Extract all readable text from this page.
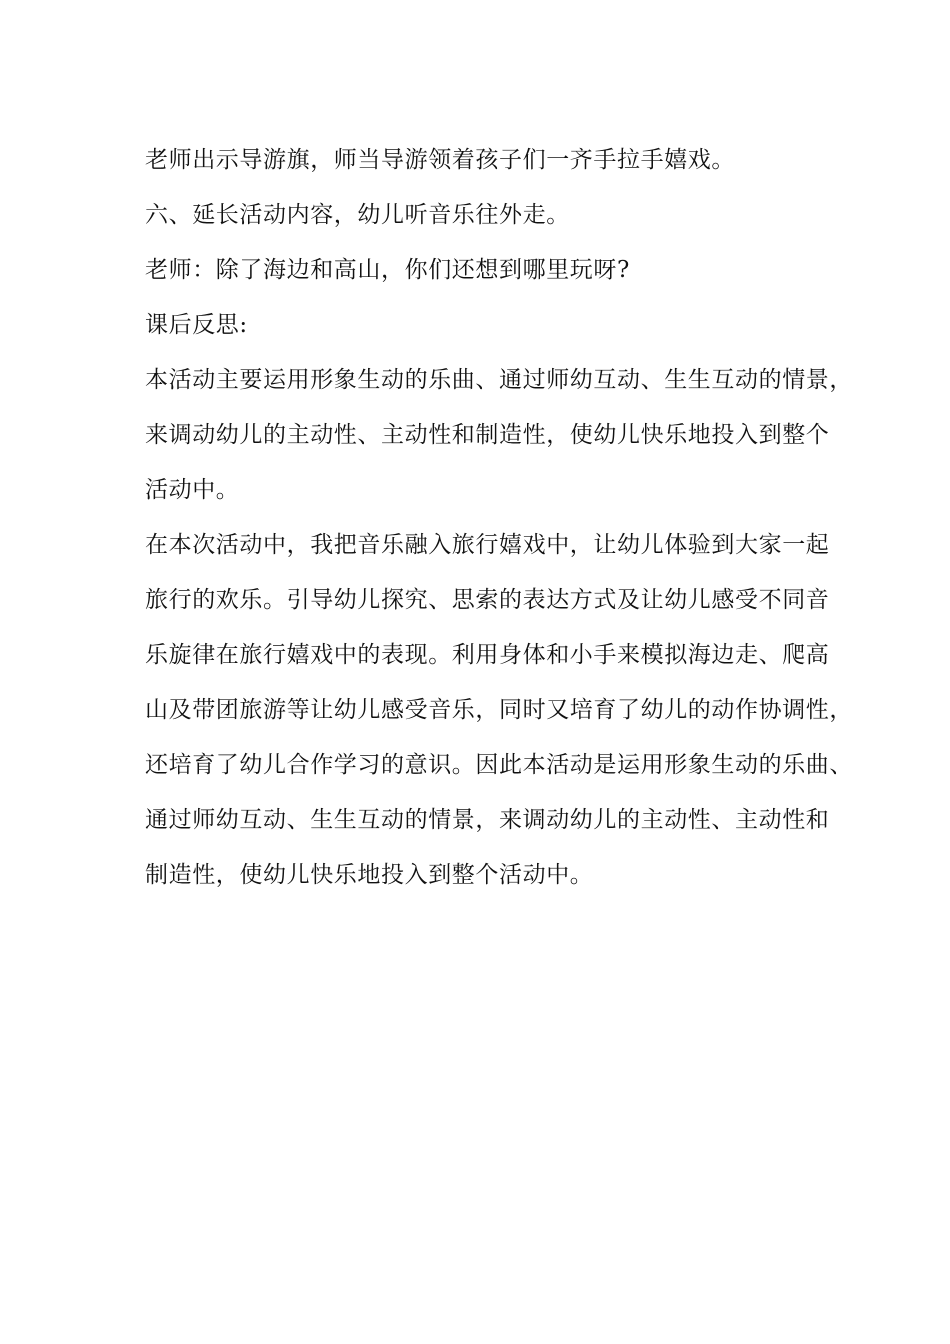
老师出示导游旗，师当导游领着孩子们一齐手拉手嬉戏。
六、延长活动内容，幼儿听音乐往外走。
老师：除了海边和高山，你们还想到哪里玩呀?
课后反思:
本活动主要运用形象生动的乐曲、通过师幼互动、生生互动的情景，
来调动幼儿的主动性、主动性和制造性，使幼儿快乐地投入到整个
活动中。
在本次活动中，我把音乐融入旅行嬉戏中，让幼儿体验到大家一起
旅行的欢乐。引导幼儿探究、思索的表达方式及让幼儿感受不同音
乐旋律在旅行嬉戏中的表现。利用身体和小手来模拟海边走、爬高
山及带团旅游等让幼儿感受音乐，同时又培育了幼儿的动作协调性，
还培育了幼儿合作学习的意识。因此本活动是运用形象生动的乐曲、
通过师幼互动、生生互动的情景，来调动幼儿的主动性、主动性和
制造性，使幼儿快乐地投入到整个活动中。
